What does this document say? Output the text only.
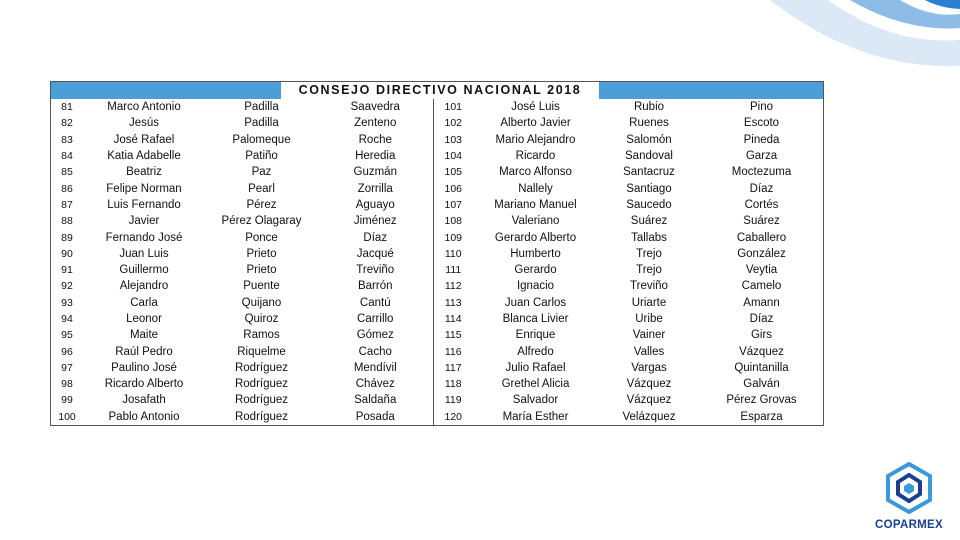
CONSEJO DIRECTIVO NACIONAL 2018
81	Marco Antonio	Padilla	Saavedra	101	José Luis	Rubio	Pino
82	Jesús	Padilla	Zenteno	102	Alberto Javier	Ruenes	Escoto
83	José Rafael	Palomeque	Roche	103	Mario Alejandro	Salomón	Pineda
84	Katia Adabelle	Patiño	Heredia	104	Ricardo	Sandoval	Garza
85	Beatriz	Paz	Guzmán	105	Marco Alfonso	Santacruz	Moctezuma
86	Felipe Norman	Pearl	Zorrilla	106	Nallely	Santiago	Díaz
87	Luis Fernando	Pérez	Aguayo	107	Mariano Manuel	Saucedo	Cortés
88	Javier	Pérez Olagaray	Jiménez	108	Valeriano	Suárez	Suárez
89	Fernando José	Ponce	Díaz	109	Gerardo Alberto	Tallabs	Caballero
90	Juan Luis	Prieto	Jacqué	110	Humberto	Trejo	González
91	Guillermo	Prieto	Treviño	111	Gerardo	Trejo	Veytia
92	Alejandro	Puente	Barrón	112	Ignacio	Treviño	Camelo
93	Carla	Quijano	Cantú	113	Juan Carlos	Uriarte	Amann
94	Leonor	Quiroz	Carrillo	114	Blanca Livier	Uribe	Díaz
95	Maite	Ramos	Gómez	115	Enrique	Vainer	Girs
96	Raúl Pedro	Riquelme	Cacho	116	Alfredo	Valles	Vázquez
97	Paulino José	Rodríguez	Mendívil	117	Julio Rafael	Vargas	Quintanilla
98	Ricardo Alberto	Rodríguez	Chávez	118	Grethel Alicia	Vázquez	Galván
99	Josafath	Rodríguez	Saldaña	119	Salvador	Vázquez	Pérez Grovas
100	Pablo Antonio	Rodríguez	Posada	120	María Esther	Velázquez	Esparza
COPARMEX
